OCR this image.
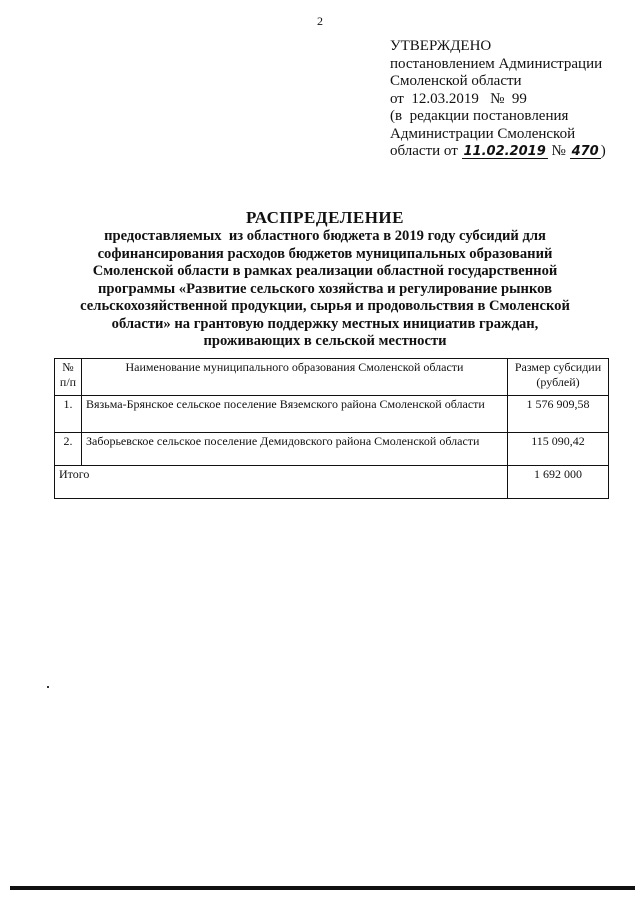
2
УТВЕРЖДЕНО
постановлением Администрации
Смоленской области
от  12.03.2019   №  99
(в  редакции постановления
Администрации Смоленской
области от 11.02.2019 № 470 )
РАСПРЕДЕЛЕНИЕ
предоставляемых  из областного бюджета в 2019 году субсидий для
софинансирования расходов бюджетов муниципальных образований
Смоленской области в рамках реализации областной государственной
программы «Развитие сельского хозяйства и регулирование рынков
сельскохозяйственной продукции, сырья и продовольствия в Смоленской
области» на грантовую поддержку местных инициатив граждан,
проживающих в сельской местности
№ п/п	Наименование муниципального образования Смоленской области	Размер субсидии (рублей)
1.	Вязьма-Брянское сельское поселение Вяземского района Смоленской области	1 576 909,58
2.	Заборьевское сельское поселение Демидовского района Смоленской области	115 090,42
Итого		1 692 000
